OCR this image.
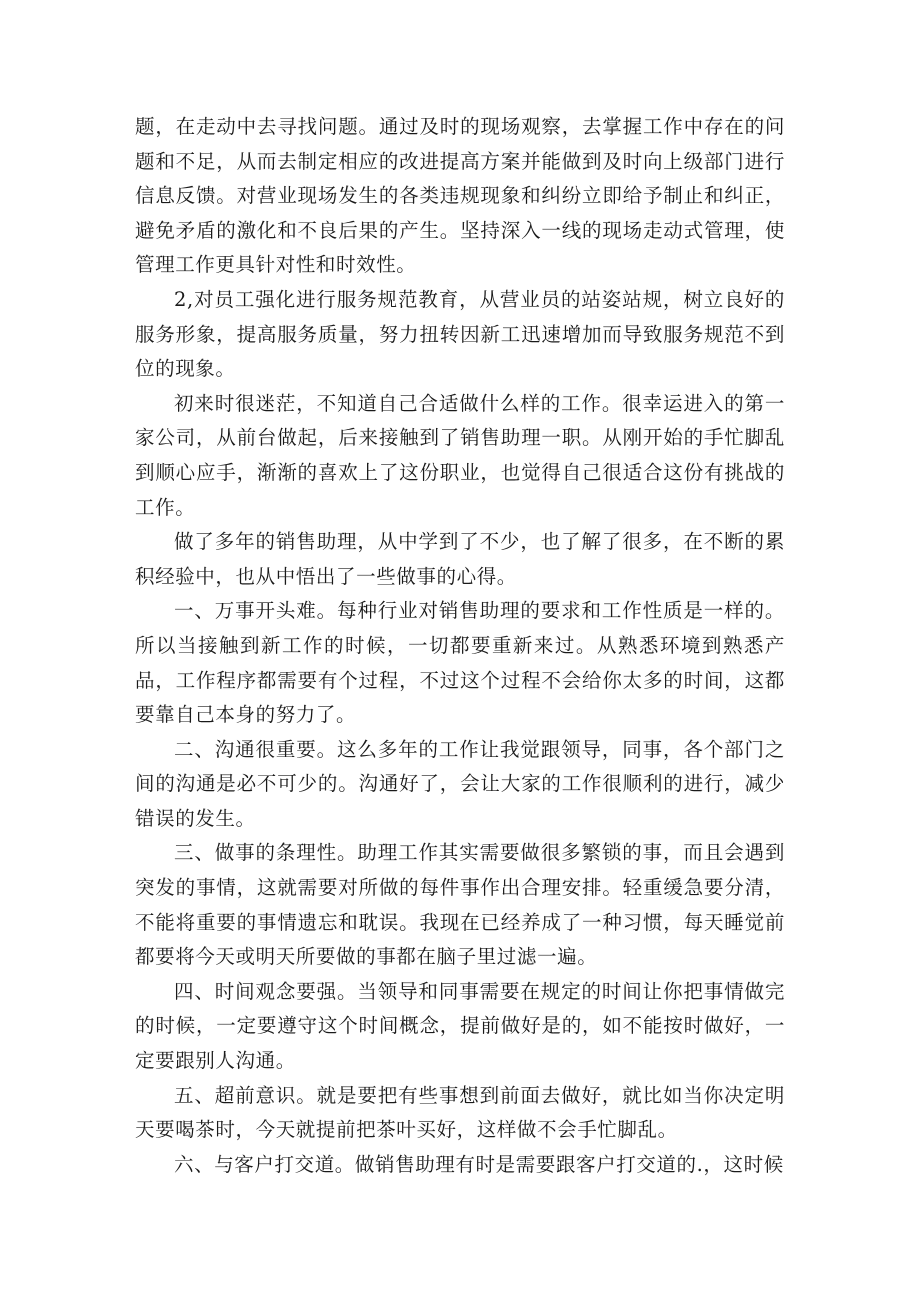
题，在走动中去寻找问题。通过及时的现场观察，去掌握工作中存在的问题和不足，从而去制定相应的改进提高方案并能做到及时向上级部门进行信息反馈。对营业现场发生的各类违规现象和纠纷立即给予制止和纠正，避免矛盾的激化和不良后果的产生。坚持深入一线的现场走动式管理，使管理工作更具针对性和时效性。

2,对员工强化进行服务规范教育，从营业员的站姿站规，树立良好的服务形象，提高服务质量，努力扭转因新工迅速增加而导致服务规范不到位的现象。

初来时很迷茫，不知道自己合适做什么样的工作。很幸运进入的第一家公司，从前台做起，后来接触到了销售助理一职。从刚开始的手忙脚乱到顺心应手，渐渐的喜欢上了这份职业，也觉得自己很适合这份有挑战的工作。

做了多年的销售助理，从中学到了不少，也了解了很多，在不断的累积经验中，也从中悟出了一些做事的心得。

一、万事开头难。每种行业对销售助理的要求和工作性质是一样的。所以当接触到新工作的时候，一切都要重新来过。从熟悉环境到熟悉产品，工作程序都需要有个过程，不过这个过程不会给你太多的时间，这都要靠自己本身的努力了。

二、沟通很重要。这么多年的工作让我觉跟领导，同事，各个部门之间的沟通是必不可少的。沟通好了，会让大家的工作很顺利的进行，减少错误的发生。

三、做事的条理性。助理工作其实需要做很多繁锁的事，而且会遇到突发的事情，这就需要对所做的每件事作出合理安排。轻重缓急要分清，不能将重要的事情遗忘和耽误。我现在已经养成了一种习惯，每天睡觉前都要将今天或明天所要做的事都在脑子里过滤一遍。

四、时间观念要强。当领导和同事需要在规定的时间让你把事情做完的时候，一定要遵守这个时间概念，提前做好是的，如不能按时做好，一定要跟别人沟通。

五、超前意识。就是要把有些事想到前面去做好，就比如当你决定明天要喝茶时，今天就提前把茶叶买好，这样做不会手忙脚乱。

六、与客户打交道。做销售助理有时是需要跟客户打交道的.，这时候
